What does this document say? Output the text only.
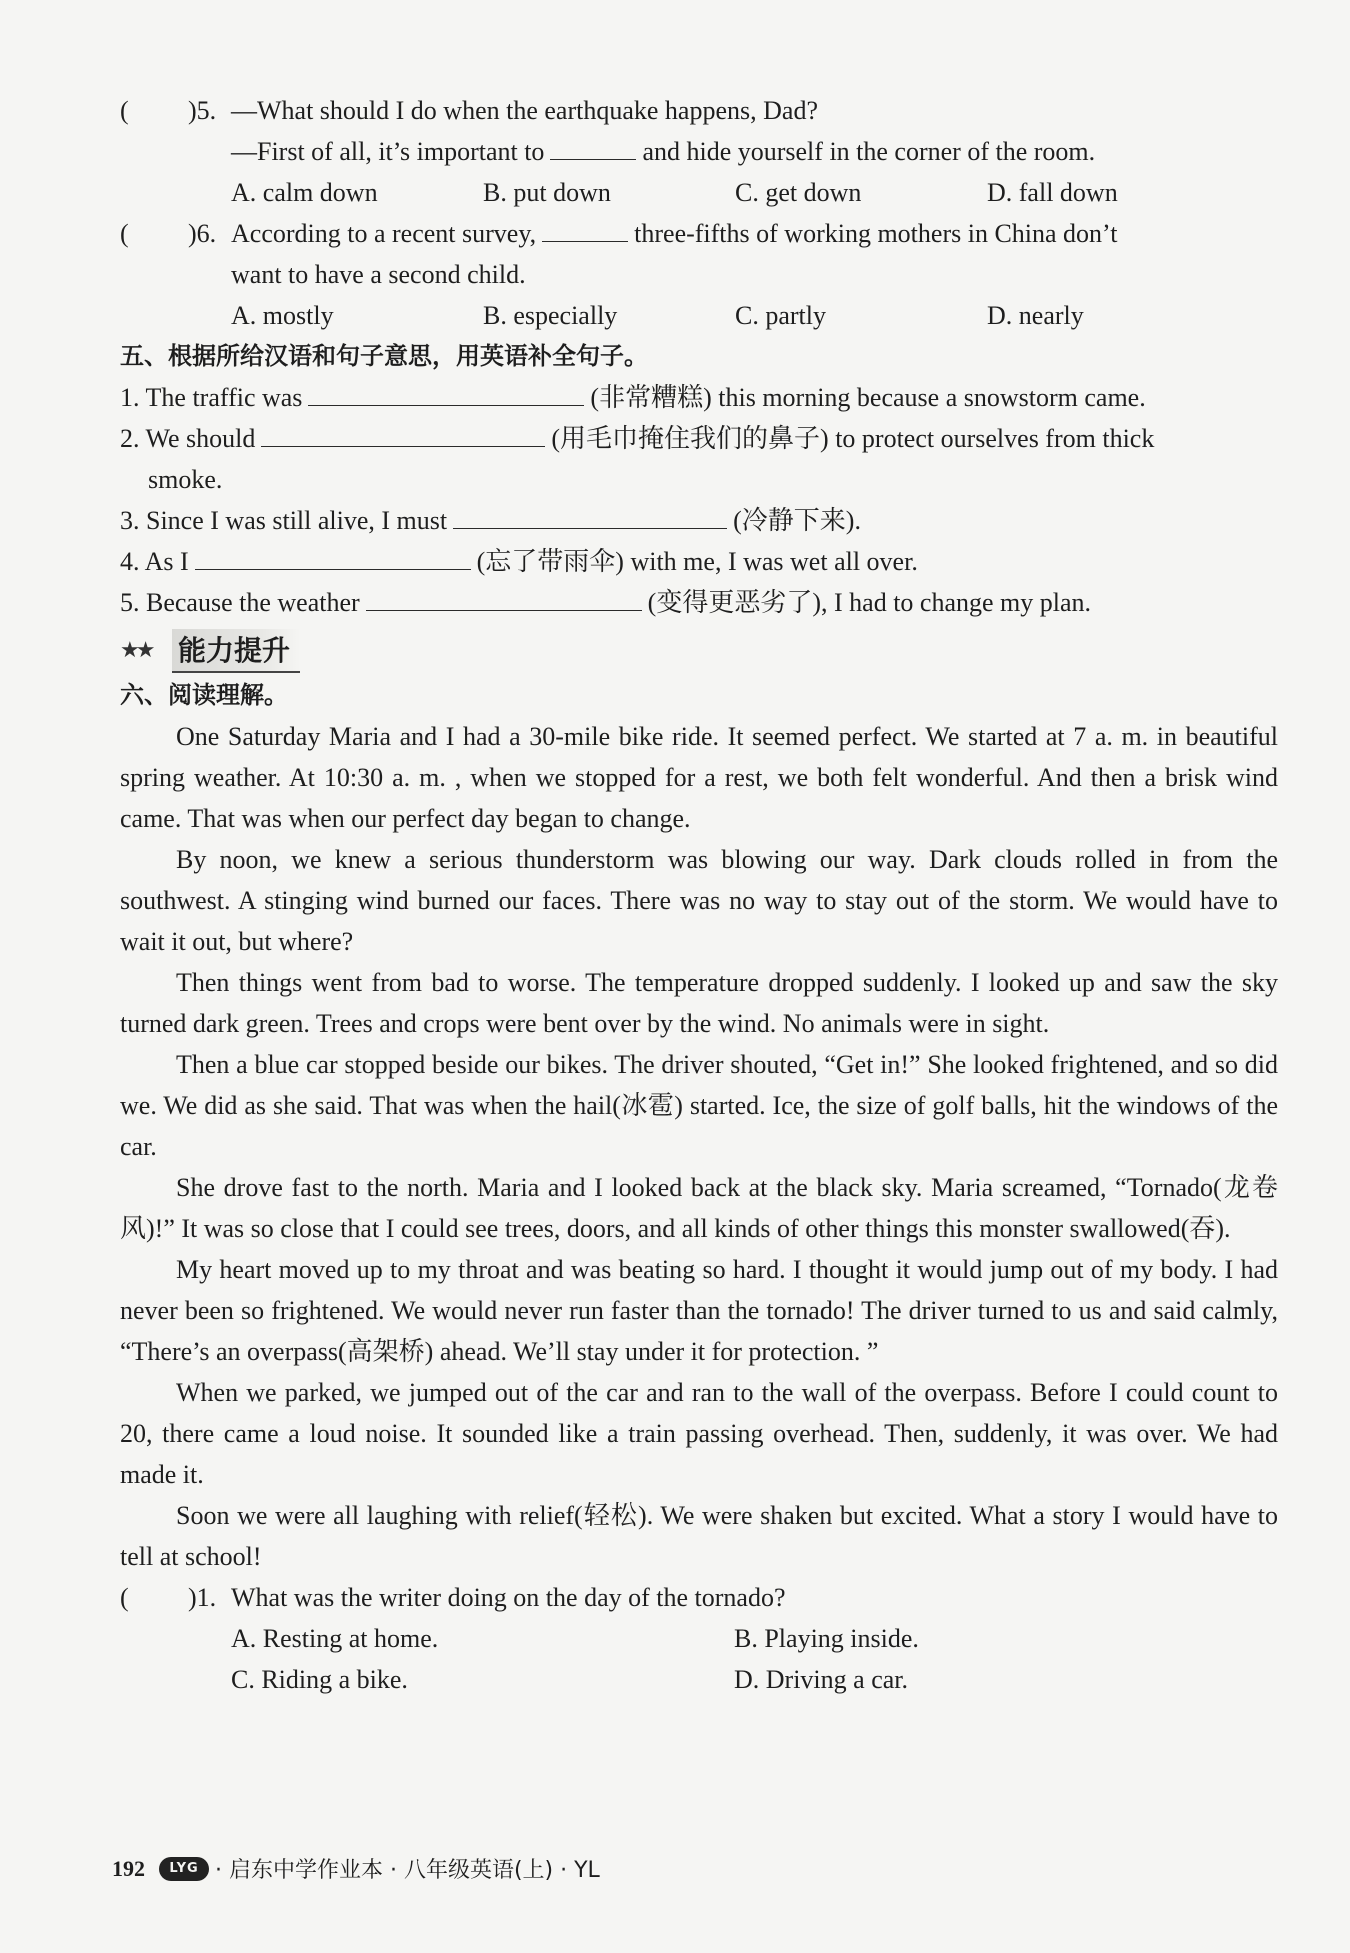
( )5. —What should I do when the earthquake happens, Dad?
—First of all, it’s important to	and hide yourself in the corner of the room.
A. calm down	B. put down	C. get down	D. fall down
( )6. According to a recent survey,	three-fifths of working mothers in China don’t
want to have a second child.
A. mostly	B. especially	C. partly	D. nearly
五、根据所给汉语和句子意思，用英语补全句子。
1. The traffic was	(非常糟糕) this morning because a snowstorm came.
2. We should	(用毛巾掩住我们的鼻子) to protect ourselves from thick
smoke.
3. Since I was still alive, I must	(冷静下来).
4. As I	(忘了带雨伞) with me, I was wet all over.
5. Because the weather	(变得更恶劣了), I had to change my plan.
★★ 能力提升
六、阅读理解。

One Saturday Maria and I had a 30-mile bike ride. It seemed perfect. We started at 7 a. m. in beautiful spring weather. At 10:30 a. m. , when we stopped for a rest, we both felt wonderful. And then a brisk wind came. That was when our perfect day began to change.

By noon, we knew a serious thunderstorm was blowing our way. Dark clouds rolled in from the southwest. A stinging wind burned our faces. There was no way to stay out of the storm. We would have to wait it out, but where?

Then things went from bad to worse. The temperature dropped suddenly. I looked up and saw the sky turned dark green. Trees and crops were bent over by the wind. No animals were in sight.

Then a blue car stopped beside our bikes. The driver shouted, “Get in!” She looked frightened, and so did we. We did as she said. That was when the hail(冰雹) started. Ice, the size of golf balls, hit the windows of the car.

She drove fast to the north. Maria and I looked back at the black sky. Maria screamed, “Tornado(龙卷风)!” It was so close that I could see trees, doors, and all kinds of other things this monster swallowed(吞).

My heart moved up to my throat and was beating so hard. I thought it would jump out of my body. I had never been so frightened. We would never run faster than the tornado! The driver turned to us and said calmly, “There’s an overpass(高架桥) ahead. We’ll stay under it for protection. ”

When we parked, we jumped out of the car and ran to the wall of the overpass. Before I could count to 20, there came a loud noise. It sounded like a train passing overhead. Then, suddenly, it was over. We had made it.

Soon we were all laughing with relief(轻松). We were shaken but excited. What a story I would have to tell at school!

( )1. What was the writer doing on the day of the tornado?
A. Resting at home.	B. Playing inside.
C. Riding a bike.	D. Driving a car.
192	LYG · 启东中学作业本 · 八年级英语(上) · YL
